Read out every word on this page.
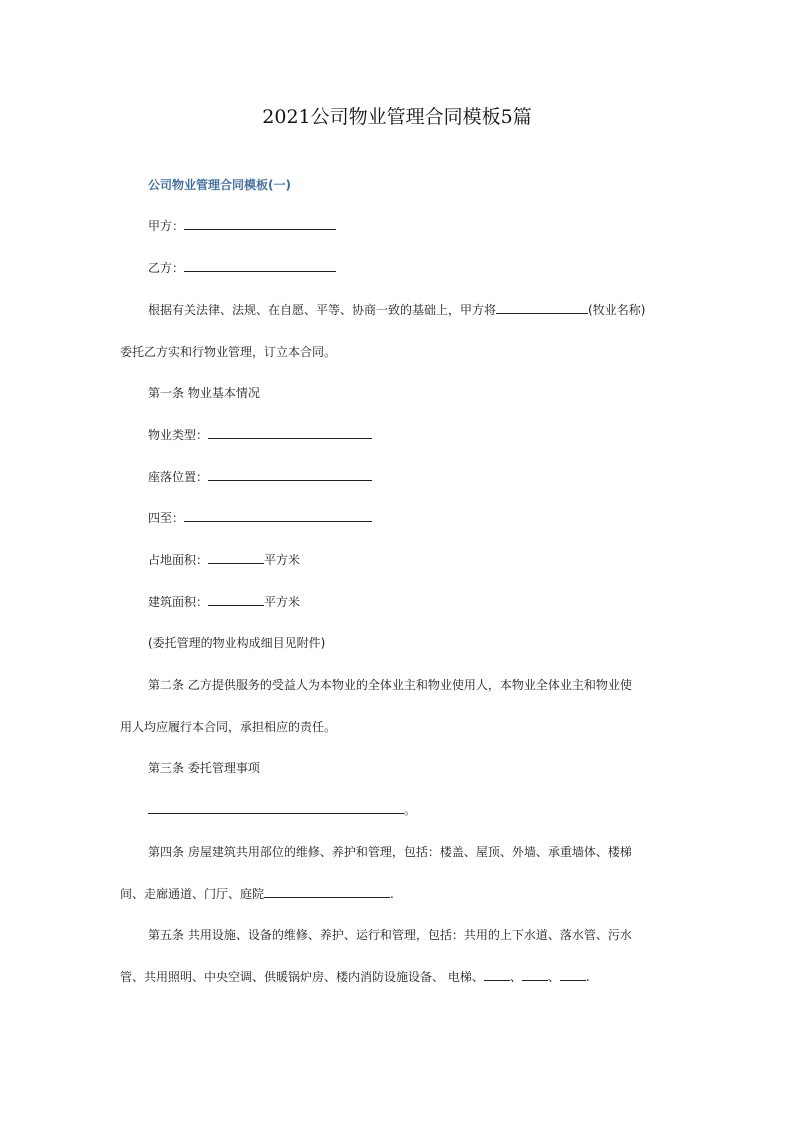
2021公司物业管理合同模板5篇
公司物业管理合同模板(一)
甲方：
乙方：
根据有关法律、法规、在自愿、平等、协商一致的基础上，甲方将	(牧业名称)
委托乙方实和行物业管理，订立本合同。
第一条 物业基本情况
物业类型：
座落位置：
四至：
占地面积：	平方米
建筑面积：	平方米
(委托管理的物业构成细目见附件)
第二条 乙方提供服务的受益人为本物业的全体业主和物业使用人，本物业全体业主和物业使
用人均应履行本合同，承担相应的责任。
第三条 委托管理事项
。
第四条 房屋建筑共用部位的维修、养护和管理，包括：楼盖、屋顶、外墙、承重墙体、楼梯
间、走廊通道、门厅、庭院	.
第五条 共用设施、设备的维修、养护、运行和管理，包括：共用的上下水道、落水管、污水
管、共用照明、中央空调、供暖锅炉房、楼内消防设施设备、 电梯、 、 、 .
